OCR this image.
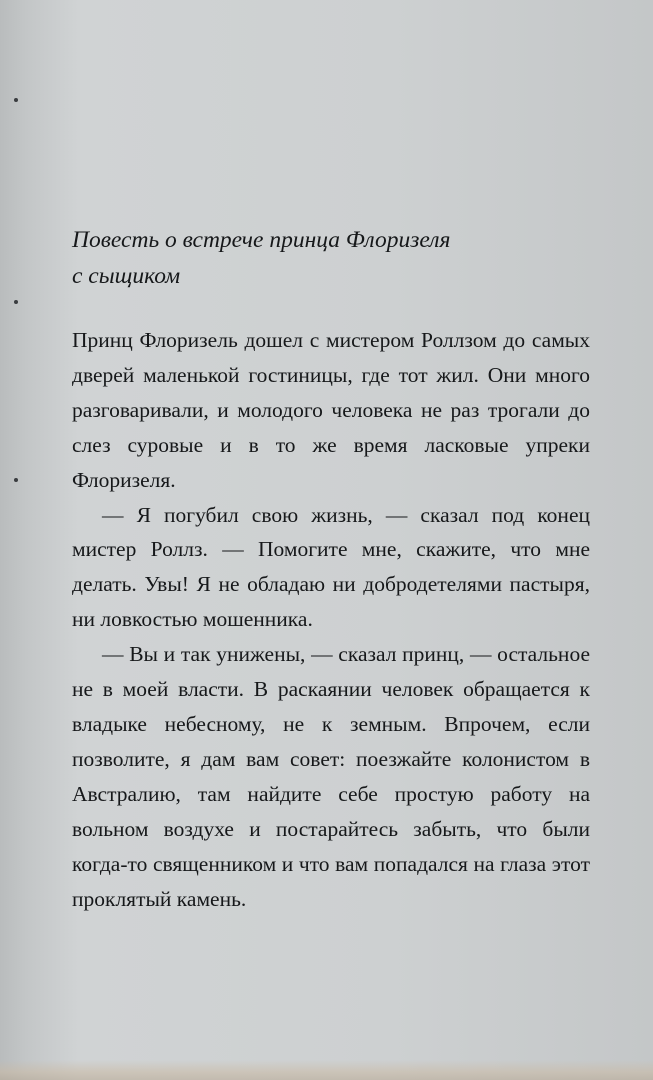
Повесть о встрече принца Флоризеля
с сыщиком

Принц Флоризель дошел с мистером Роллзом до самых дверей маленькой гостиницы, где тот жил. Они много разговаривали, и молодого человека не раз трогали до слез суровые и в то же время ласковые упреки Флоризеля.

— Я погубил свою жизнь, — сказал под конец мистер Роллз. — Помогите мне, скажите, что мне делать. Увы! Я не обладаю ни добродетелями пастыря, ни ловкостью мошенника.

— Вы и так унижены, — сказал принц, — остальное не в моей власти. В раскаянии человек обращается к владыке небесному, не к земным. Впрочем, если позволите, я дам вам совет: поезжайте колонистом в Австралию, там найдите себе простую работу на вольном воздухе и постарайтесь забыть, что были когда-то священником и что вам попадался на глаза этот проклятый камень.
